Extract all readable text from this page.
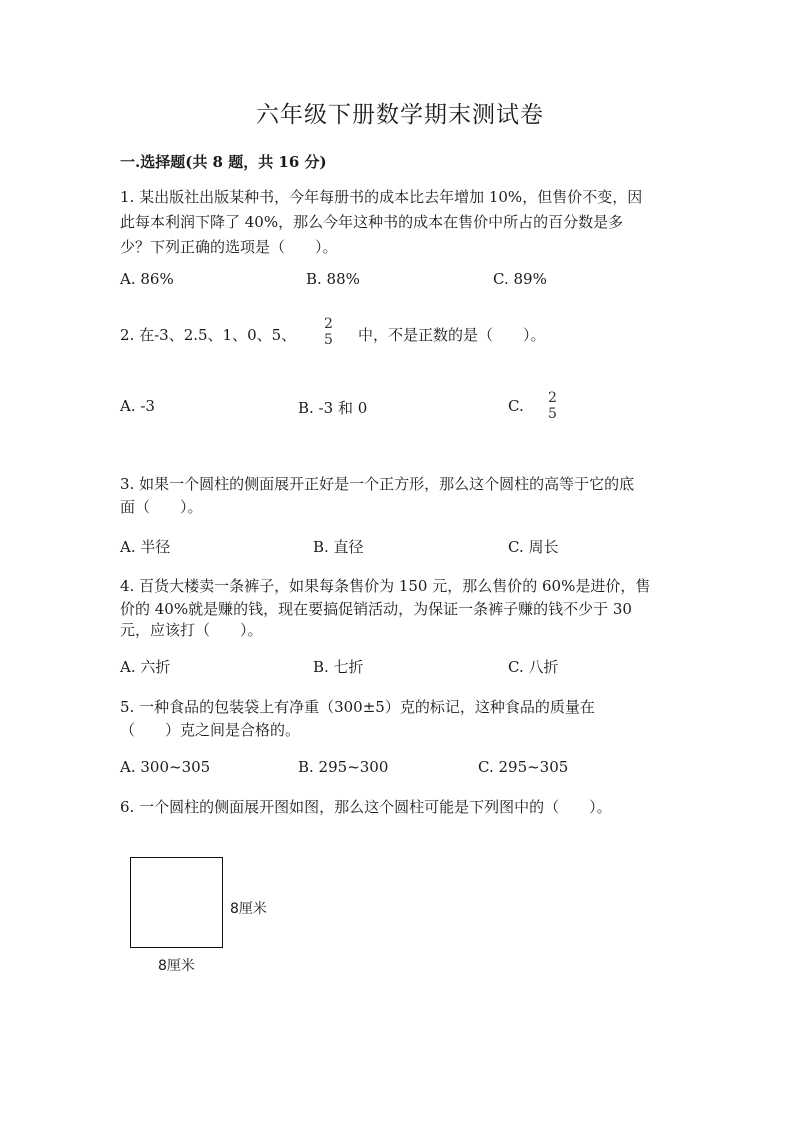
六年级下册数学期末测试卷
一.选择题(共 8 题，共 16 分)
1. 某出版社出版某种书，今年每册书的成本比去年增加 10%，但售价不变，因
此每本利润下降了 40%，那么今年这种书的成本在售价中所占的百分数是多
少？下列正确的选项是（　　）。
A. 86%	B. 88%	C. 89%
2. 在-3、2.5、1、0、5、
2
5 中，不是正数的是（　　）。
A. -3	B. -3 和 0	C. 2
5
3. 如果一个圆柱的侧面展开正好是一个正方形，那么这个圆柱的高等于它的底
面（　　）。
A. 半径	B. 直径	C. 周长
4. 百货大楼卖一条裤子，如果每条售价为 150 元，那么售价的 60%是进价，售
价的 40%就是赚的钱，现在要搞促销活动，为保证一条裤子赚的钱不少于 30
元，应该打（　　）。
A. 六折	B. 七折	C. 八折
5. 一种食品的包装袋上有净重（300±5）克的标记，这种食品的质量在
（　　）克之间是合格的。
A. 300~305	B. 295~300	C. 295~305
6. 一个圆柱的侧面展开图如图，那么这个圆柱可能是下列图中的（　　）。
8厘米
8厘米
